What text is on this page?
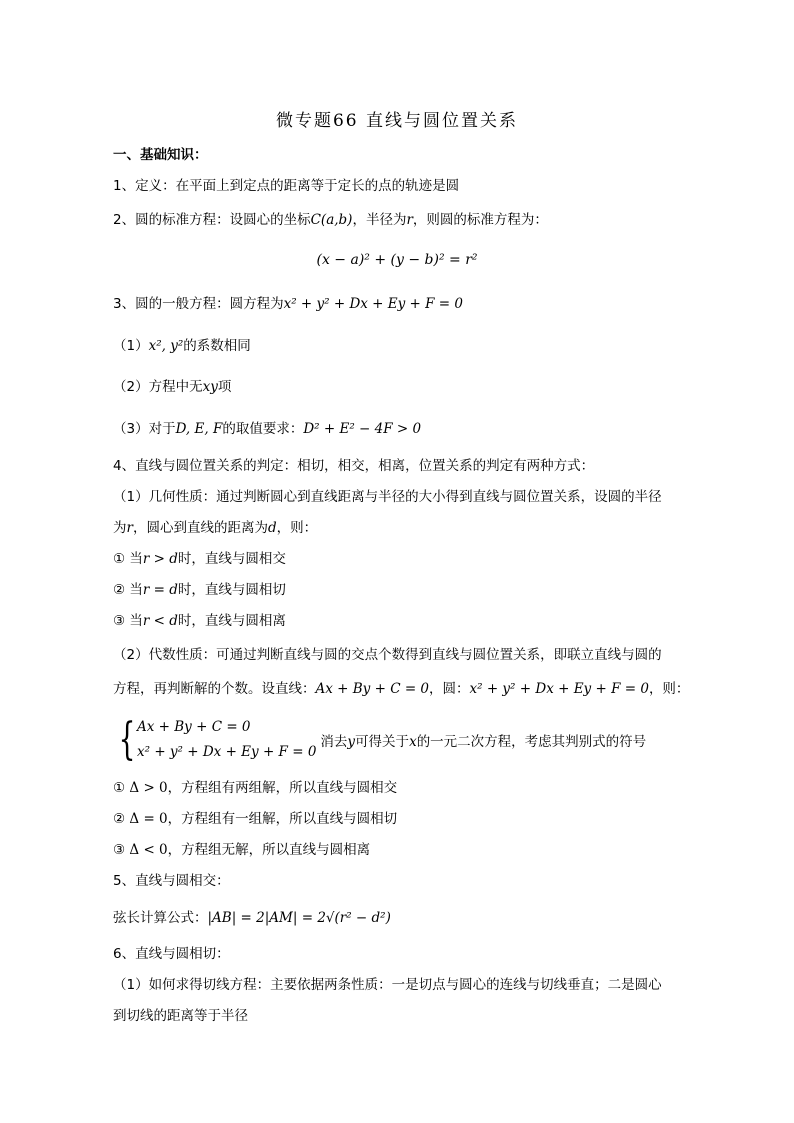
微专题66 直线与圆位置关系
一、基础知识：
1、定义：在平面上到定点的距离等于定长的点的轨迹是圆
2、圆的标准方程：设圆心的坐标C(a,b)，半径为r，则圆的标准方程为：
(x − a)² + (y − b)² = r²
3、圆的一般方程：圆方程为x² + y² + Dx + Ey + F = 0
（1）x², y²的系数相同
（2）方程中无xy项
（3）对于D, E, F的取值要求：D² + E² − 4F > 0
4、直线与圆位置关系的判定：相切，相交，相离，位置关系的判定有两种方式：
（1）几何性质：通过判断圆心到直线距离与半径的大小得到直线与圆位置关系，设圆的半径
为r，圆心到直线的距离为d，则：
① 当r > d时，直线与圆相交
② 当r = d时，直线与圆相切
③ 当r < d时，直线与圆相离
（2）代数性质：可通过判断直线与圆的交点个数得到直线与圆位置关系，即联立直线与圆的
方程，再判断解的个数。设直线：Ax + By + C = 0，圆：x² + y² + Dx + Ey + F = 0，则：
{ Ax + By + C = 0
x² + y² + Dx + Ey + F = 0
消去y可得关于x的一元二次方程，考虑其判别式的符号
① Δ > 0，方程组有两组解，所以直线与圆相交
② Δ = 0，方程组有一组解，所以直线与圆相切
③ Δ < 0，方程组无解，所以直线与圆相离
5、直线与圆相交：
弦长计算公式：|AB| = 2|AM| = 2√(r² − d²)
6、直线与圆相切：
（1）如何求得切线方程：主要依据两条性质：一是切点与圆心的连线与切线垂直；二是圆心
到切线的距离等于半径
